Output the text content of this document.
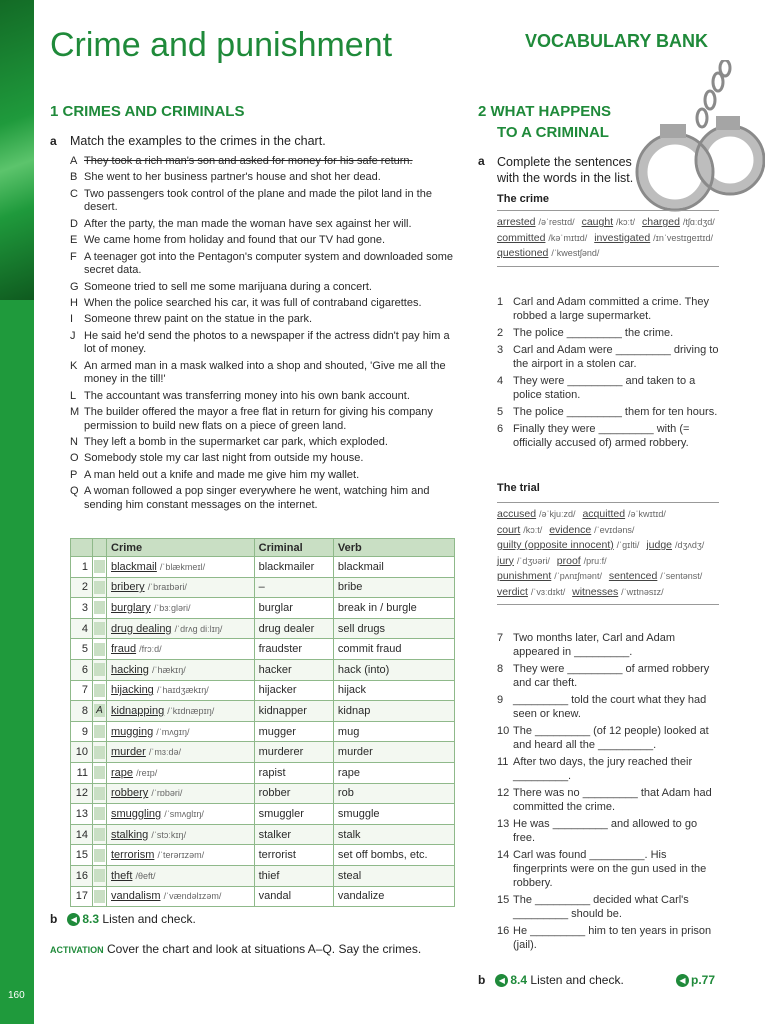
160
Crime and punishment	VOCABULARY BANK
1 CRIMES AND CRIMINALS
a Match the examples to the crimes in the chart.
A They took a rich man's son and asked for money for his safe return.
B She went to her business partner's house and shot her dead.
C Two passengers took control of the plane and made the pilot land in the desert.
D After the party, the man made the woman have sex against her will.
E We came home from holiday and found that our TV had gone.
F A teenager got into the Pentagon's computer system and downloaded some secret data.
G Someone tried to sell me some marijuana during a concert.
H When the police searched his car, it was full of contraband cigarettes.
I Someone threw paint on the statue in the park.
J He said he'd send the photos to a newspaper if the actress didn't pay him a lot of money.
K An armed man in a mask walked into a shop and shouted, 'Give me all the money in the till!'
L The accountant was transferring money into his own bank account.
M The builder offered the mayor a free flat in return for giving his company permission to build new flats on a piece of green land.
N They left a bomb in the supermarket car park, which exploded.
O Somebody stole my car last night from outside my house.
P A man held out a knife and made me give him my wallet.
Q A woman followed a pop singer everywhere he went, watching him and sending him constant messages on the internet.
		Crime	Criminal	Verb
1		blackmail /ˈblækmeɪl/	blackmailer	blackmail
2		bribery /ˈbraɪbəri/	–	bribe
3		burglary /ˈbɜːɡləri/	burglar	break in / burgle
4		drug dealing /ˈdrʌɡ diːlɪŋ/	drug dealer	sell drugs
5		fraud /frɔːd/	fraudster	commit fraud
6		hacking /ˈhækɪŋ/	hacker	hack (into)
7		hijacking /ˈhaɪdʒækɪŋ/	hijacker	hijack
8	A	kidnapping /ˈkɪdnæpɪŋ/	kidnapper	kidnap
9		mugging /ˈmʌɡɪŋ/	mugger	mug
10		murder /ˈmɜːdə/	murderer	murder
11		rape /reɪp/	rapist	rape
12		robbery /ˈrɒbəri/	robber	rob
13		smuggling /ˈsmʌɡlɪŋ/	smuggler	smuggle
14		stalking /ˈstɔːkɪŋ/	stalker	stalk
15		terrorism /ˈterərɪzəm/	terrorist	set off bombs, etc.
16		theft /θeft/	thief	steal
17		vandalism /ˈvændəlɪzəm/	vandal	vandalize
b ◀ 8.3 Listen and check.
ACTIVATION Cover the chart and look at situations A–Q. Say the crimes.
2 WHAT HAPPENS
TO A CRIMINAL
a Complete the sentences with the words in the list.
The crime
arrested /əˈrestɪd/ caught /kɔːt/ charged /tʃɑːdʒd/ committed /kəˈmɪtɪd/ investigated /ɪnˈvestɪɡeɪtɪd/ questioned /ˈkwestʃənd/
1 Carl and Adam committed a crime. They robbed a large supermarket.
2 The police _________ the crime.
3 Carl and Adam were _________ driving to the airport in a stolen car.
4 They were _________ and taken to a police station.
5 The police _________ them for ten hours.
6 Finally they were _________ with (= officially accused of) armed robbery.
The trial
accused /əˈkjuːzd/ acquitted /əˈkwɪtɪd/ court /kɔːt/ evidence /ˈevɪdəns/ guilty (opposite innocent) /ˈɡɪlti/ judge /dʒʌdʒ/ jury /ˈdʒʊəri/ proof /pruːf/ punishment /ˈpʌnɪʃmənt/ sentenced /ˈsentənst/ verdict /ˈvɜːdɪkt/ witnesses /ˈwɪtnəsɪz/
7 Two months later, Carl and Adam appeared in _________.
8 They were _________ of armed robbery and car theft.
9 _________ told the court what they had seen or knew.
10 The _________ (of 12 people) looked at and heard all the _________.
11 After two days, the jury reached their _________.
12 There was no _________ that Adam had committed the crime.
13 He was _________ and allowed to go free.
14 Carl was found _________. His fingerprints were on the gun used in the robbery.
15 The _________ decided what Carl's _________ should be.
16 He _________ him to ten years in prison (jail).
b ◀ 8.4 Listen and check.	◀ p.77
